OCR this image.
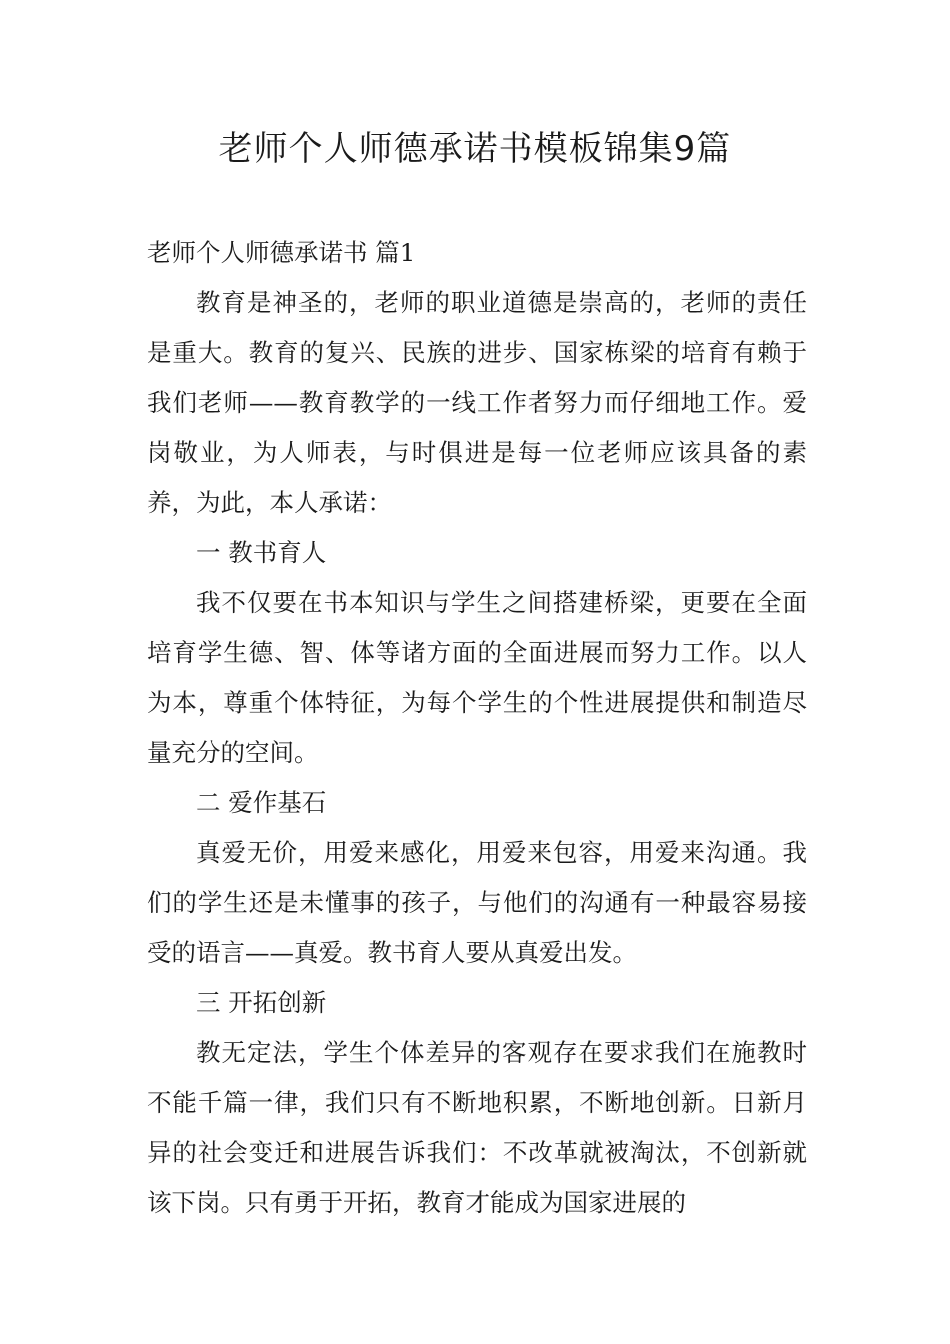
老师个人师德承诺书模板锦集9篇

老师个人师德承诺书 篇1

教育是神圣的，老师的职业道德是崇高的，老师的责任是重大。教育的复兴、民族的进步、国家栋梁的培育有赖于我们老师——教育教学的一线工作者努力而仔细地工作。爱岗敬业，为人师表，与时俱进是每一位老师应该具备的素养，为此，本人承诺：

一 教书育人

我不仅要在书本知识与学生之间搭建桥梁，更要在全面培育学生德、智、体等诸方面的全面进展而努力工作。以人为本，尊重个体特征，为每个学生的个性进展提供和制造尽量充分的空间。

二 爱作基石

真爱无价，用爱来感化，用爱来包容，用爱来沟通。我们的学生还是未懂事的孩子，与他们的沟通有一种最容易接受的语言——真爱。教书育人要从真爱出发。

三 开拓创新

教无定法，学生个体差异的客观存在要求我们在施教时不能千篇一律，我们只有不断地积累，不断地创新。日新月异的社会变迁和进展告诉我们：不改革就被淘汰，不创新就该下岗。只有勇于开拓，教育才能成为国家进展的
